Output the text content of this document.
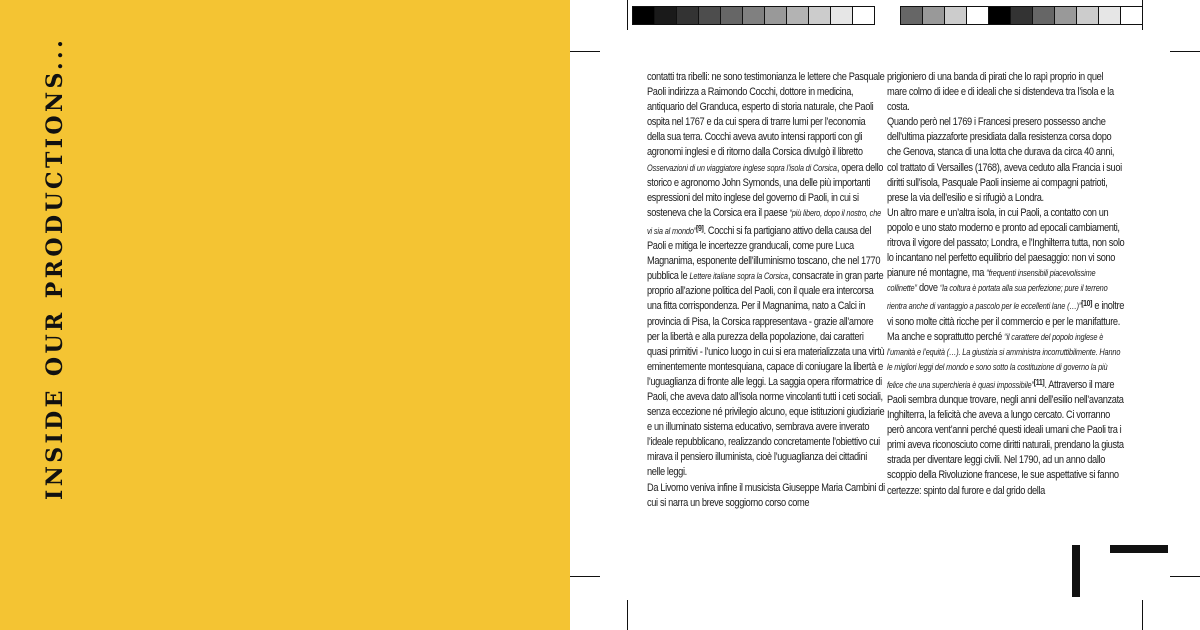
INSIDE OUR PRODUCTIONS...	contatti tra ribelli: ne sono testimonianza le lettere che Pasquale Paoli indirizza a Raimondo Cocchi, dottore in medicina, antiquario del Granduca, esperto di storia naturale, che Paoli ospita nel 1767 e da cui spera di trarre lumi per l’economia della sua terra. Cocchi aveva avuto intensi rapporti con gli agronomi inglesi e di ritorno dalla Corsica divulgò il libretto Osservazioni di un viaggiatore inglese sopra l’isola di Corsica, opera dello storico e agronomo John Symonds, una delle più importanti espressioni del mito inglese del governo di Paoli, in cui si sosteneva che la Corsica era il paese “più libero, dopo il nostro, che vi sia al mondo”[9]. Cocchi si fa partigiano attivo della causa del Paoli e mitiga le incertezze granducali, come pure Luca Magnanima, esponente dell’illuminismo toscano, che nel 1770 pubblica le Lettere italiane sopra la Corsica, consacrate in gran parte proprio all’azione politica del Paoli, con il quale era intercorsa una fitta corrispondenza. Per il Magnanima, nato a Calci in provincia di Pisa, la Corsica rappresentava - grazie all’amore per la libertà e alla purezza della popolazione, dai caratteri quasi primitivi - l’unico luogo in cui si era materializzata una virtù eminentemente montesquiana, capace di coniugare la libertà e l’uguaglianza di fronte alle leggi. La saggia opera riformatrice di Paoli, che aveva dato all’isola norme vincolanti tutti i ceti sociali, senza eccezione né privilegio alcuno, eque istituzioni giudiziarie e un illuminato sistema educativo, sembrava avere inverato l’ideale repubblicano, realizzando concretamente l’obiettivo cui mirava il pensiero illuminista, cioè l’uguaglianza dei cittadini nelle leggi.

Da Livorno veniva infine il musicista Giuseppe Maria Cambini di cui si narra un breve soggiorno corso come

prigioniero di una banda di pirati che lo rapì proprio in quel mare colmo di idee e di ideali che si distendeva tra l’isola e la costa.

Quando però nel 1769 i Francesi presero possesso anche dell’ultima piazzaforte presidiata dalla resistenza corsa dopo che Genova, stanca di una lotta che durava da circa 40 anni, col trattato di Versailles (1768), aveva ceduto alla Francia i suoi diritti sull’isola, Pasquale Paoli insieme ai compagni patrioti, prese la via dell’esilio e si rifugiò a Londra.

Un altro mare e un’altra isola, in cui Paoli, a contatto con un popolo e uno stato moderno e pronto ad epocali cambiamenti, ritrova il vigore del passato; Londra, e l’Inghilterra tutta, non solo lo incantano nel perfetto equilibrio del paesaggio: non vi sono pianure né montagne, ma “frequenti insensibili piacevolissime collinette” dove “la coltura è portata alla sua perfezione; pure il terreno rientra anche di vantaggio a pascolo per le eccellenti lane (…)”[10] e inoltre vi sono molte città ricche per il commercio e per le manifatture. Ma anche e soprattutto perché “il carattere del popolo inglese è l’umanità e l’equità (…). La giustizia si amministra incorruttibilmente. Hanno le migliori leggi del mondo e sono sotto la costituzione di governo la più felice che una superchieria è quasi impossibile”[11]. Attraverso il mare Paoli sembra dunque trovare, negli anni dell’esilio nell’avanzata Inghilterra, la felicità che aveva a lungo cercato. Ci vorranno però ancora vent’anni perché questi ideali umani che Paoli tra i primi aveva riconosciuto come diritti naturali, prendano la giusta strada per diventare leggi civili. Nel 1790, ad un anno dallo scoppio della Rivoluzione francese, le sue aspettative si fanno certezze: spinto dal furore e dal grido della
